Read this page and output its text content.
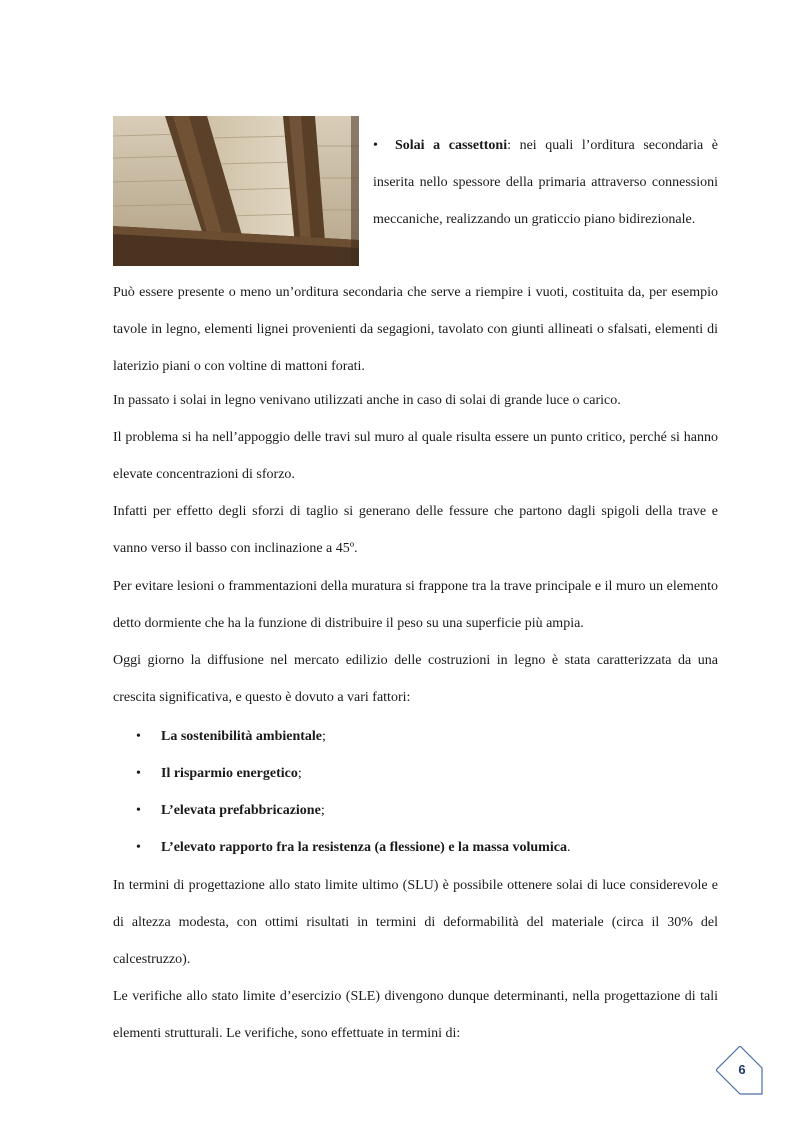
• Solai a cassettoni: nei quali l’orditura secondaria è inserita nello spessore della primaria attraverso connessioni meccaniche, realizzando un graticcio piano bidirezionale.

Può essere presente o meno un’orditura secondaria che serve a riempire i vuoti, costituita da, per esempio tavole in legno, elementi lignei provenienti da segagioni, tavolato con giunti allineati o sfalsati, elementi di laterizio piani o con voltine di mattoni forati.

In passato i solai in legno venivano utilizzati anche in caso di solai di grande luce o carico.

Il problema si ha nell’appoggio delle travi sul muro al quale risulta essere un punto critico, perché si hanno elevate concentrazioni di sforzo.

Infatti per effetto degli sforzi di taglio si generano delle fessure che partono dagli spigoli della trave e vanno verso il basso con inclinazione a 45º.

Per evitare lesioni o frammentazioni della muratura si frappone tra la trave principale e il muro un elemento detto dormiente che ha la funzione di distribuire il peso su una superficie più ampia.

Oggi giorno la diffusione nel mercato edilizio delle costruzioni in legno è stata caratterizzata da una crescita significativa, e questo è dovuto a vari fattori:

• La sostenibilità ambientale;
• Il risparmio energetico;
• L’elevata prefabbricazione;
• L’elevato rapporto fra la resistenza (a flessione) e la massa volumica.

In termini di progettazione allo stato limite ultimo (SLU) è possibile ottenere solai di luce considerevole e di altezza modesta, con ottimi risultati in termini di deformabilità del materiale (circa il 30% del calcestruzzo).

Le verifiche allo stato limite d’esercizio (SLE) divengono dunque determinanti, nella progettazione di tali elementi strutturali. Le verifiche, sono effettuate in termini di:

6
